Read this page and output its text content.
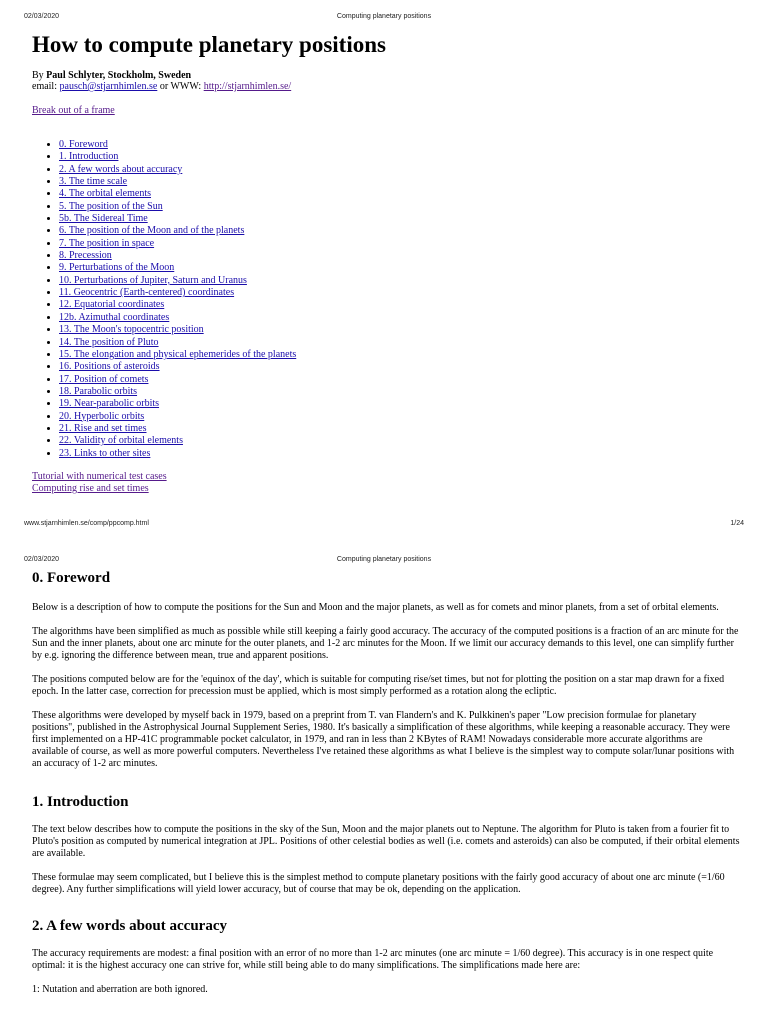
02/03/2020	Computing planetary positions
How to compute planetary positions
By Paul Schlyter, Stockholm, Sweden
email: pausch@stjarnhimlen.se or WWW: http://stjarnhimlen.se/
Break out of a frame
• 0. Foreword
• 1. Introduction
• 2. A few words about accuracy
• 3. The time scale
• 4. The orbital elements
• 5. The position of the Sun
• 5b. The Sidereal Time
• 6. The position of the Moon and of the planets
• 7. The position in space
• 8. Precession
• 9. Perturbations of the Moon
• 10. Perturbations of Jupiter, Saturn and Uranus
• 11. Geocentric (Earth-centered) coordinates
• 12. Equatorial coordinates
• 12b. Azimuthal coordinates
• 13. The Moon's topocentric position
• 14. The position of Pluto
• 15. The elongation and physical ephemerides of the planets
• 16. Positions of asteroids
• 17. Position of comets
• 18. Parabolic orbits
• 19. Near-parabolic orbits
• 20. Hyperbolic orbits
• 21. Rise and set times
• 22. Validity of orbital elements
• 23. Links to other sites
Tutorial with numerical test cases
Computing rise and set times
www.stjarnhimlen.se/comp/ppcomp.html	1/24
02/03/2020	Computing planetary positions
0. Foreword

Below is a description of how to compute the positions for the Sun and Moon and the major planets, as well as for comets and minor planets, from a set of orbital elements.

The algorithms have been simplified as much as possible while still keeping a fairly good accuracy. The accuracy of the computed positions is a fraction of an arc minute for the Sun and the inner planets, about one arc minute for the outer planets, and 1-2 arc minutes for the Moon. If we limit our accuracy demands to this level, one can simplify further by e.g. ignoring the difference between mean, true and apparent positions.

The positions computed below are for the 'equinox of the day', which is suitable for computing rise/set times, but not for plotting the position on a star map drawn for a fixed epoch. In the latter case, correction for precession must be applied, which is most simply performed as a rotation along the ecliptic.

These algorithms were developed by myself back in 1979, based on a preprint from T. van Flandern's and K. Pulkkinen's paper "Low precision formulae for planetary positions", published in the Astrophysical Journal Supplement Series, 1980. It's basically a simplification of these algorithms, while keeping a reasonable accuracy. They were first implemented on a HP-41C programmable pocket calculator, in 1979, and ran in less than 2 KBytes of RAM! Nowadays considerable more accurate algorithms are available of course, as well as more powerful computers. Nevertheless I've retained these algorithms as what I believe is the simplest way to compute solar/lunar positions with an accuracy of 1-2 arc minutes.

1. Introduction

The text below describes how to compute the positions in the sky of the Sun, Moon and the major planets out to Neptune. The algorithm for Pluto is taken from a fourier fit to Pluto's position as computed by numerical integration at JPL. Positions of other celestial bodies as well (i.e. comets and asteroids) can also be computed, if their orbital elements are available.

These formulae may seem complicated, but I believe this is the simplest method to compute planetary positions with the fairly good accuracy of about one arc minute (=1/60 degree). Any further simplifications will yield lower accuracy, but of course that may be ok, depending on the application.

2. A few words about accuracy

The accuracy requirements are modest: a final position with an error of no more than 1-2 arc minutes (one arc minute = 1/60 degree). This accuracy is in one respect quite optimal: it is the highest accuracy one can strive for, while still being able to do many simplifications. The simplifications made here are:

1: Nutation and aberration are both ignored.
